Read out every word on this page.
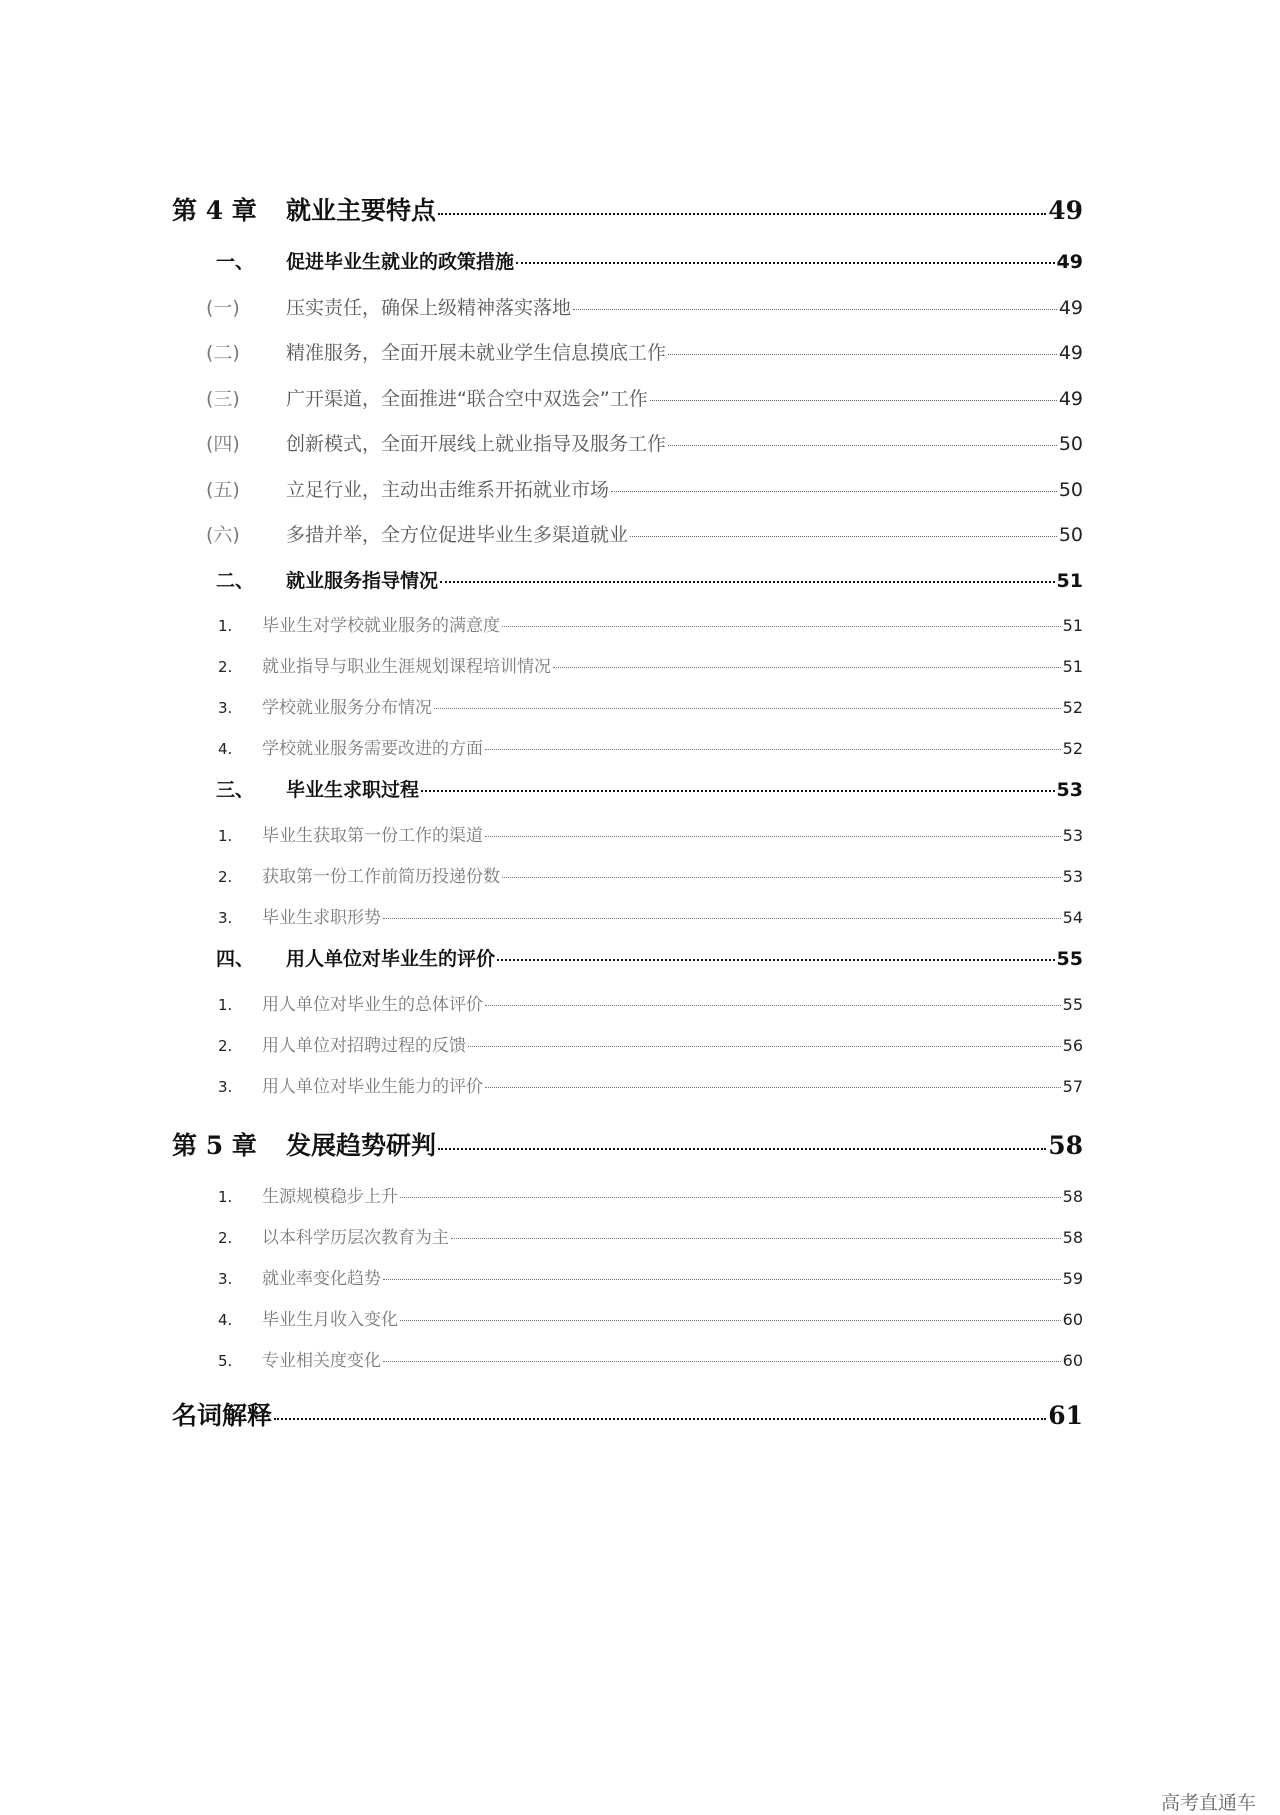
第 4 章	就业主要特点	49
一、	促进毕业生就业的政策措施	49
(一)	压实责任，确保上级精神落实落地	49
(二)	精准服务，全面开展未就业学生信息摸底工作	49
(三)	广开渠道，全面推进“联合空中双选会”工作	49
(四)	创新模式，全面开展线上就业指导及服务工作	50
(五)	立足行业，主动出击维系开拓就业市场	50
(六)	多措并举，全方位促进毕业生多渠道就业	50
二、	就业服务指导情况	51
1.	毕业生对学校就业服务的满意度	51
2.	就业指导与职业生涯规划课程培训情况	51
3.	学校就业服务分布情况	52
4.	学校就业服务需要改进的方面	52
三、	毕业生求职过程	53
1.	毕业生获取第一份工作的渠道	53
2.	获取第一份工作前简历投递份数	53
3.	毕业生求职形势	54
四、	用人单位对毕业生的评价	55
1.	用人单位对毕业生的总体评价	55
2.	用人单位对招聘过程的反馈	56
3.	用人单位对毕业生能力的评价	57
第 5 章	发展趋势研判	58
1.	生源规模稳步上升	58
2.	以本科学历层次教育为主	58
3.	就业率变化趋势	59
4.	毕业生月收入变化	60
5.	专业相关度变化	60
名词解释	61
高考直通车
